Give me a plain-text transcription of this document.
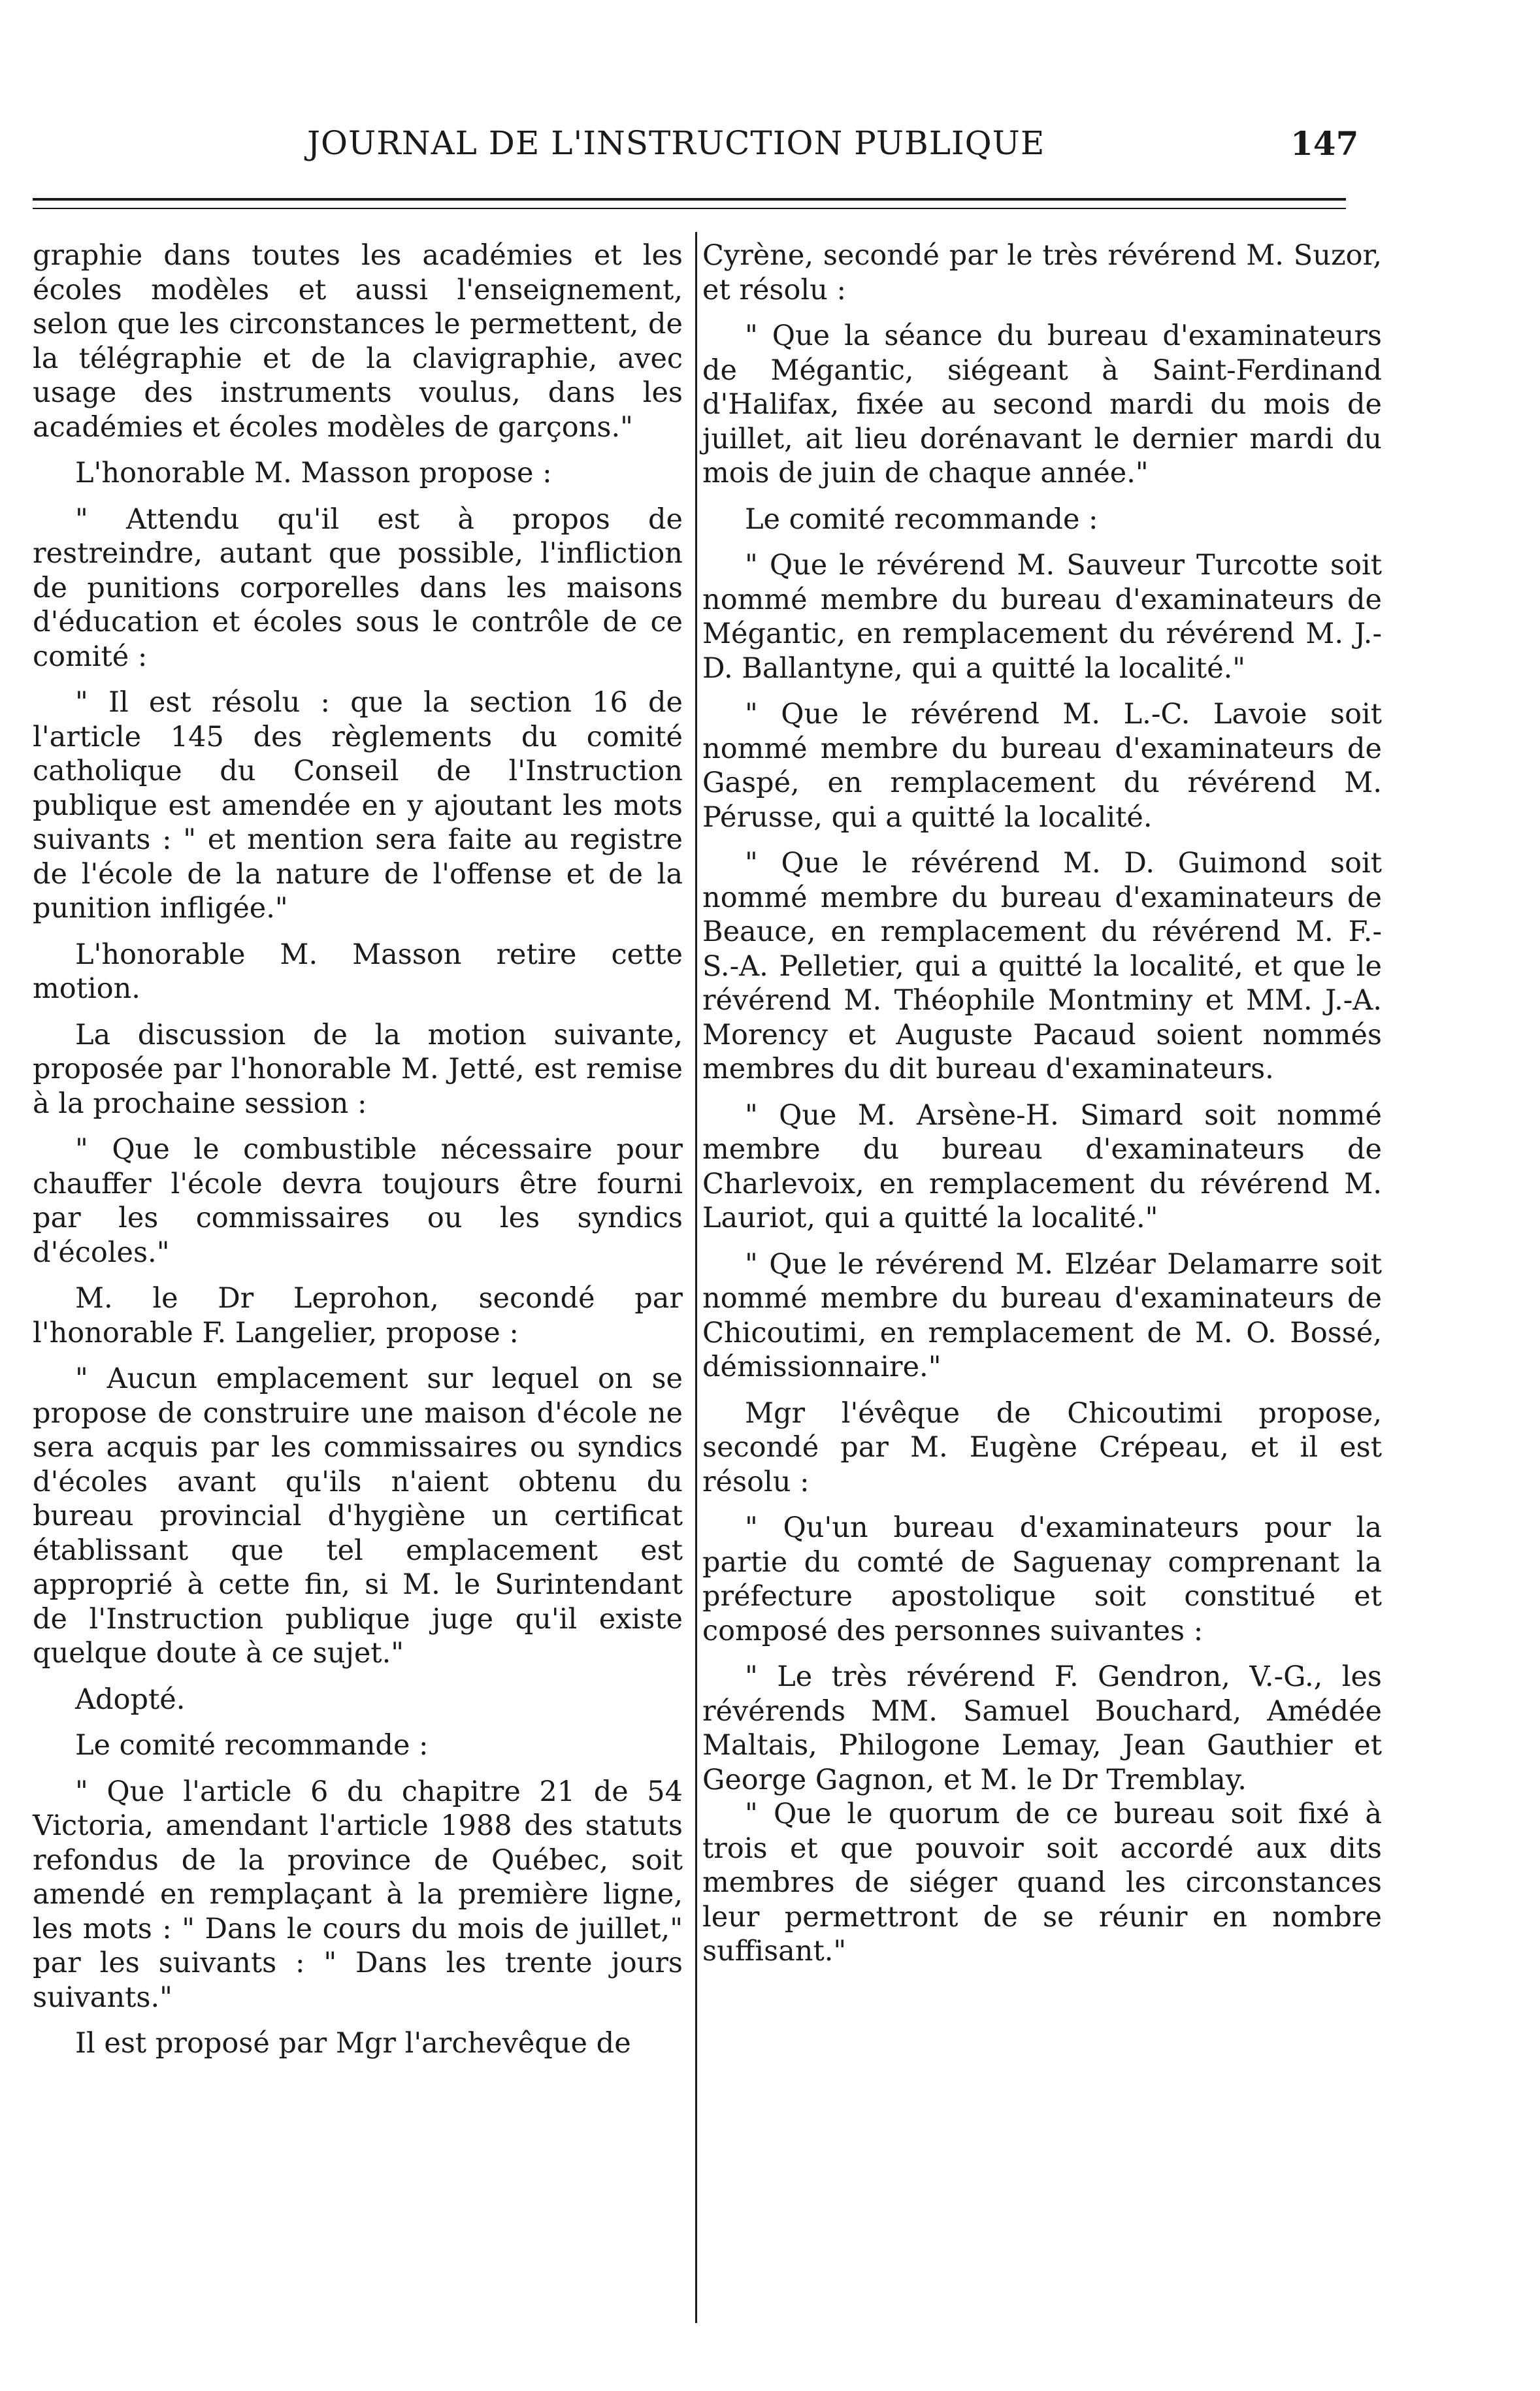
JOURNAL DE L'INSTRUCTION PUBLIQUE	147

graphie dans toutes les académies et les écoles modèles et aussi l'enseignement, selon que les circonstances le permettent, de la télégraphie et de la clavigraphie, avec usage des instruments voulus, dans les académies et écoles modèles de garçons."

L'honorable M. Masson propose :

" Attendu qu'il est à propos de restreindre, autant que possible, l'infliction de punitions corporelles dans les maisons d'éducation et écoles sous le contrôle de ce comité :

" Il est résolu : que la section 16 de l'article 145 des règlements du comité catholique du Conseil de l'Instruction publique est amendée en y ajoutant les mots suivants : " et mention sera faite au registre de l'école de la nature de l'offense et de la punition infligée."

L'honorable M. Masson retire cette motion.

La discussion de la motion suivante, proposée par l'honorable M. Jetté, est remise à la prochaine session :

" Que le combustible nécessaire pour chauffer l'école devra toujours être fourni par les commissaires ou les syndics d'écoles."

M. le Dr Leprohon, secondé par l'honorable F. Langelier, propose :

" Aucun emplacement sur lequel on se propose de construire une maison d'école ne sera acquis par les commissaires ou syndics d'écoles avant qu'ils n'aient obtenu du bureau provincial d'hygiène un certificat établissant que tel emplacement est approprié à cette fin, si M. le Surintendant de l'Instruction publique juge qu'il existe quelque doute à ce sujet."

Adopté.

Le comité recommande :

" Que l'article 6 du chapitre 21 de 54 Victoria, amendant l'article 1988 des statuts refondus de la province de Québec, soit amendé en remplaçant à la première ligne, les mots : " Dans le cours du mois de juillet," par les suivants : " Dans les trente jours suivants."

Il est proposé par Mgr l'archevêque de

Cyrène, secondé par le très révérend M. Suzor, et résolu :

" Que la séance du bureau d'examinateurs de Mégantic, siégeant à Saint-Ferdinand d'Halifax, fixée au second mardi du mois de juillet, ait lieu dorénavant le dernier mardi du mois de juin de chaque année."

Le comité recommande :

" Que le révérend M. Sauveur Turcotte soit nommé membre du bureau d'examinateurs de Mégantic, en remplacement du révérend M. J.-D. Ballantyne, qui a quitté la localité."

" Que le révérend M. L.-C. Lavoie soit nommé membre du bureau d'examinateurs de Gaspé, en remplacement du révérend M. Pérusse, qui a quitté la localité.

" Que le révérend M. D. Guimond soit nommé membre du bureau d'examinateurs de Beauce, en remplacement du révérend M. F.-S.-A. Pelletier, qui a quitté la localité, et que le révérend M. Théophile Montminy et MM. J.-A. Morency et Auguste Pacaud soient nommés membres du dit bureau d'examinateurs.

" Que M. Arsène-H. Simard soit nommé membre du bureau d'examinateurs de Charlevoix, en remplacement du révérend M. Lauriot, qui a quitté la localité."

" Que le révérend M. Elzéar Delamarre soit nommé membre du bureau d'examinateurs de Chicoutimi, en remplacement de M. O. Bossé, démissionnaire."

Mgr l'évêque de Chicoutimi propose, secondé par M. Eugène Crépeau, et il est résolu :

" Qu'un bureau d'examinateurs pour la partie du comté de Saguenay comprenant la préfecture apostolique soit constitué et composé des personnes suivantes :

" Le très révérend F. Gendron, V.-G., les révérends MM. Samuel Bouchard, Amédée Maltais, Philogone Lemay, Jean Gauthier et George Gagnon, et M. le Dr Tremblay.

" Que le quorum de ce bureau soit fixé à trois et que pouvoir soit accordé aux dits membres de siéger quand les circonstances leur permettront de se réunir en nombre suffisant."
